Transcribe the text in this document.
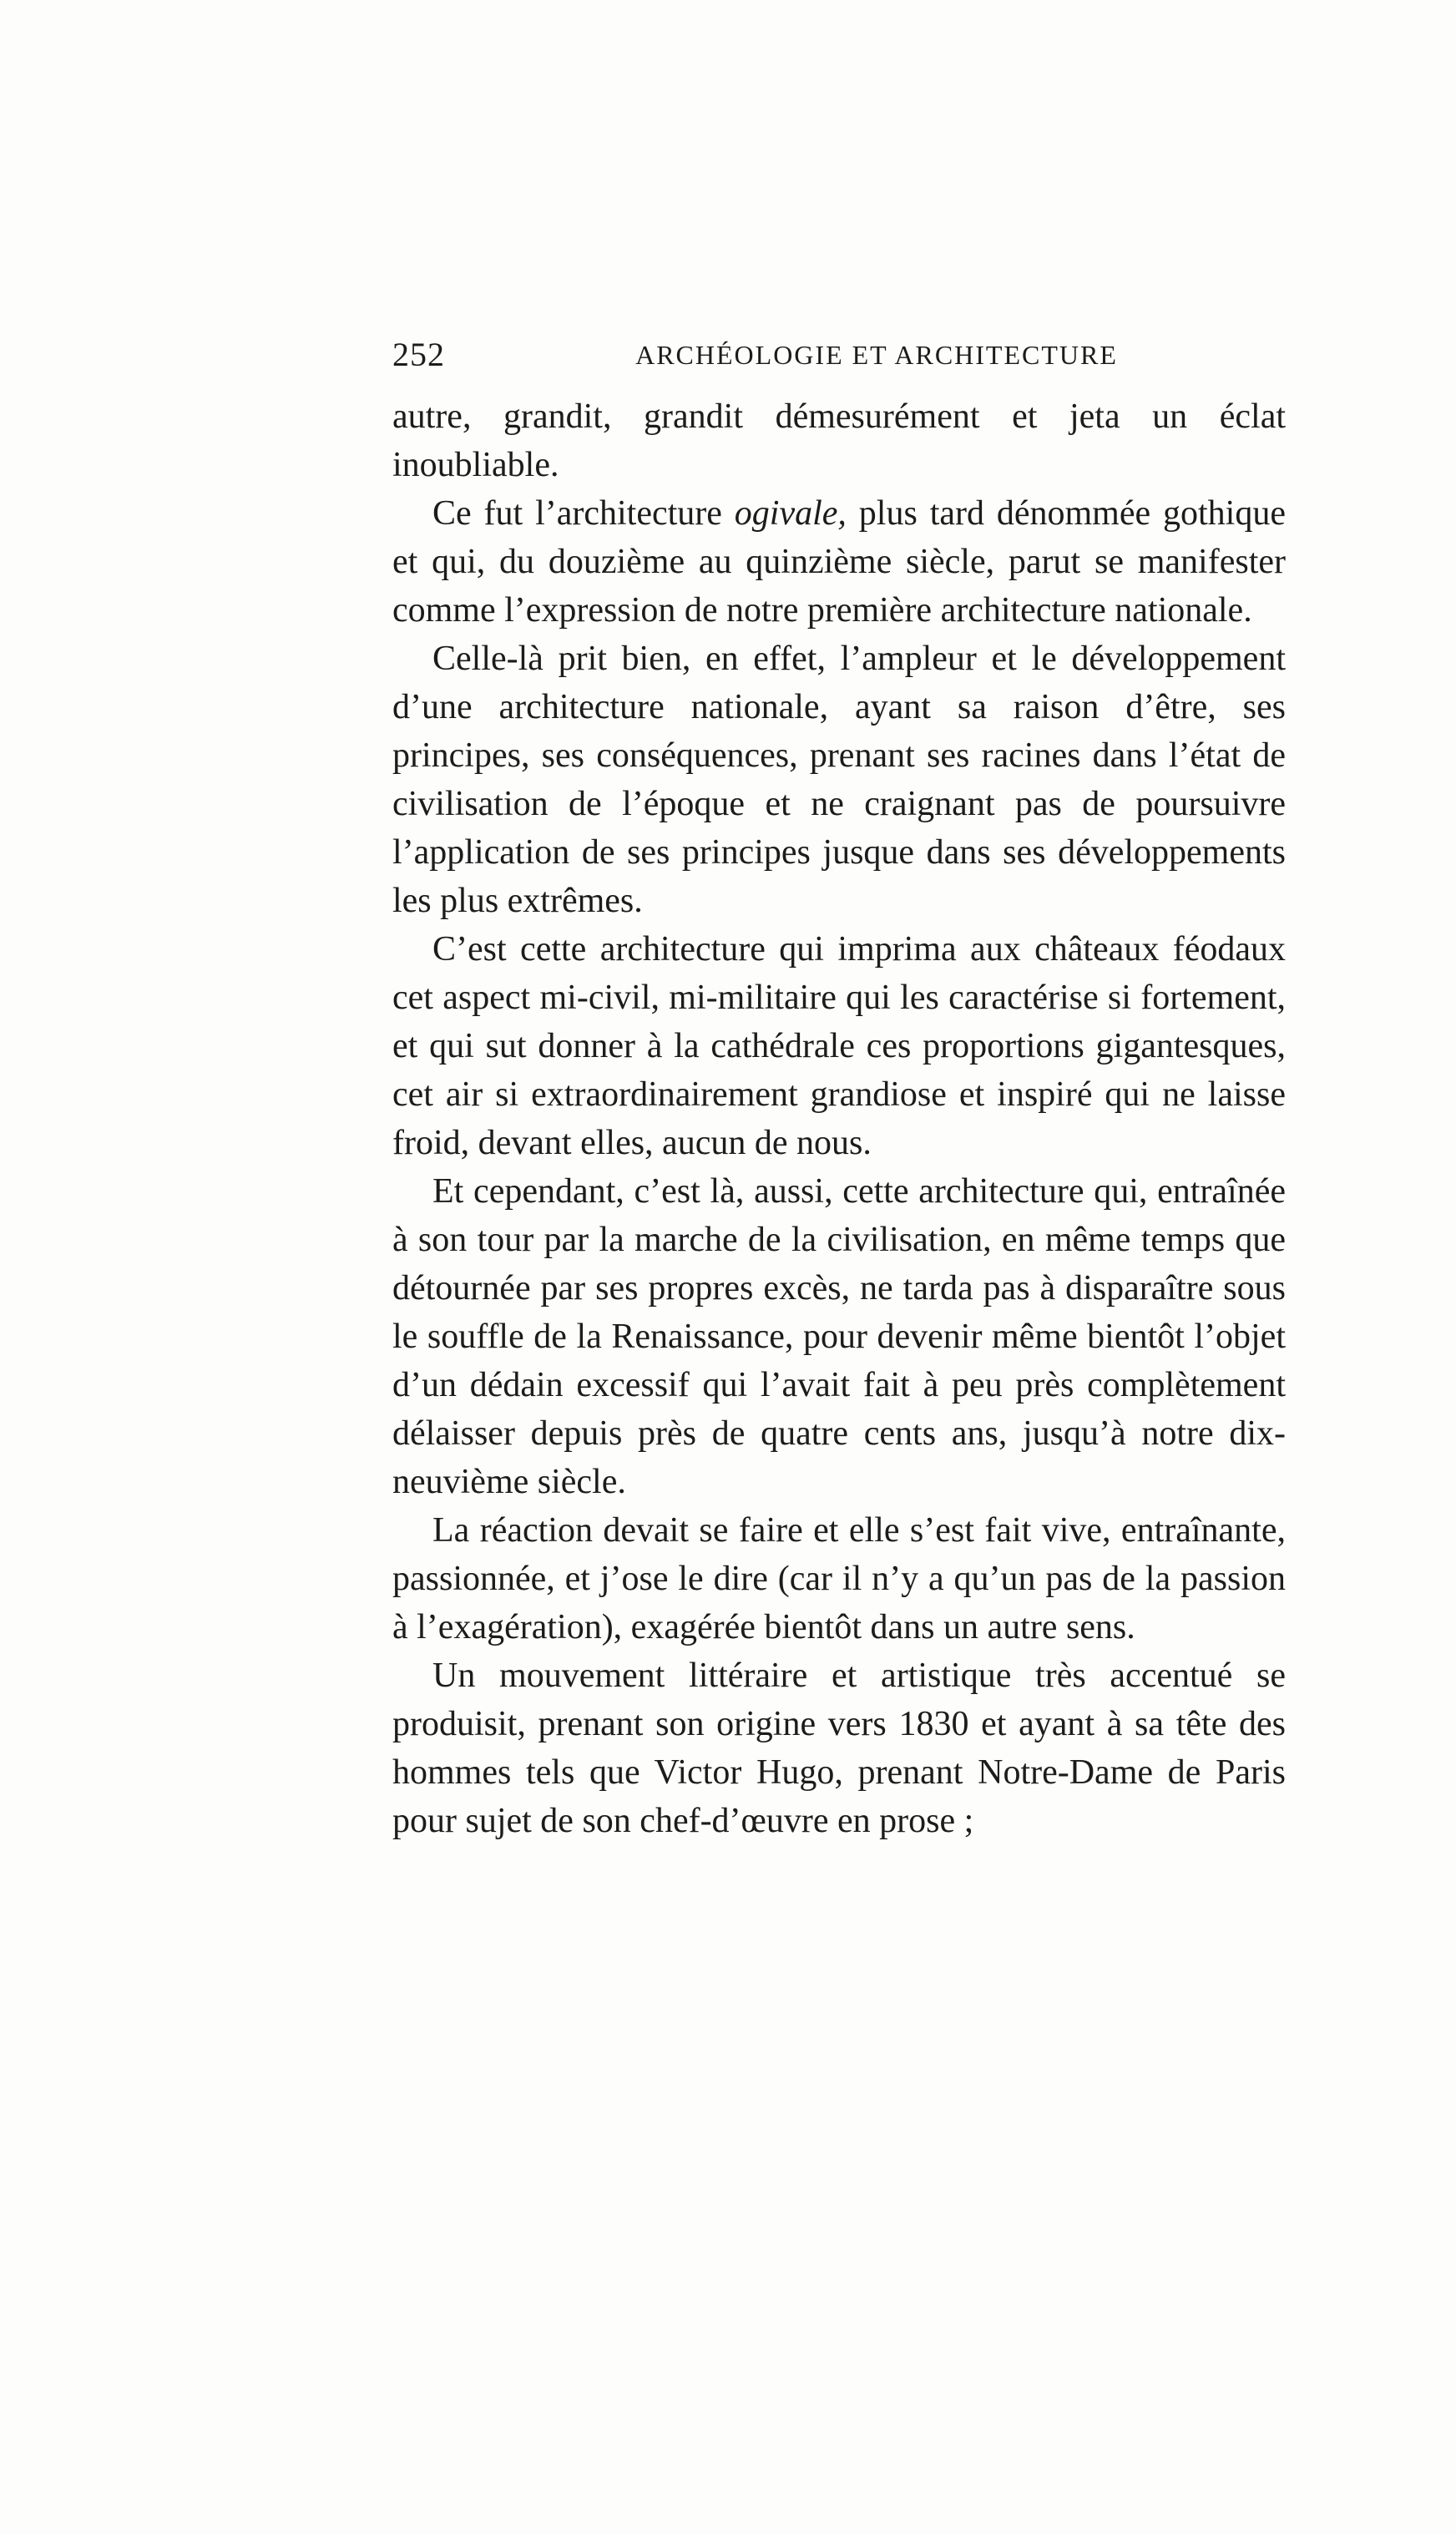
252	ARCHÉOLOGIE ET ARCHITECTURE

autre, grandit, grandit démesurément et jeta un éclat inoubliable.

Ce fut l’architecture ogivale, plus tard dénommée gothique et qui, du douzième au quinzième siècle, parut se manifester comme l’expression de notre première architecture nationale.

Celle-là prit bien, en effet, l’ampleur et le développement d’une architecture nationale, ayant sa raison d’être, ses principes, ses conséquences, prenant ses racines dans l’état de civilisation de l’époque et ne craignant pas de poursuivre l’application de ses principes jusque dans ses développements les plus extrêmes.

C’est cette architecture qui imprima aux châteaux féodaux cet aspect mi-civil, mi-militaire qui les caractérise si fortement, et qui sut donner à la cathédrale ces proportions gigantesques, cet air si extraordinairement grandiose et inspiré qui ne laisse froid, devant elles, aucun de nous.

Et cependant, c’est là, aussi, cette architecture qui, entraînée à son tour par la marche de la civilisation, en même temps que détournée par ses propres excès, ne tarda pas à disparaître sous le souffle de la Renaissance, pour devenir même bientôt l’objet d’un dédain excessif qui l’avait fait à peu près complètement délaisser depuis près de quatre cents ans, jusqu’à notre dix-neuvième siècle.

La réaction devait se faire et elle s’est fait vive, entraînante, passionnée, et j’ose le dire (car il n’y a qu’un pas de la passion à l’exagération), exagérée bientôt dans un autre sens.

Un mouvement littéraire et artistique très accentué se produisit, prenant son origine vers 1830 et ayant à sa tête des hommes tels que Victor Hugo, prenant Notre-Dame de Paris pour sujet de son chef-d’œuvre en prose ;
